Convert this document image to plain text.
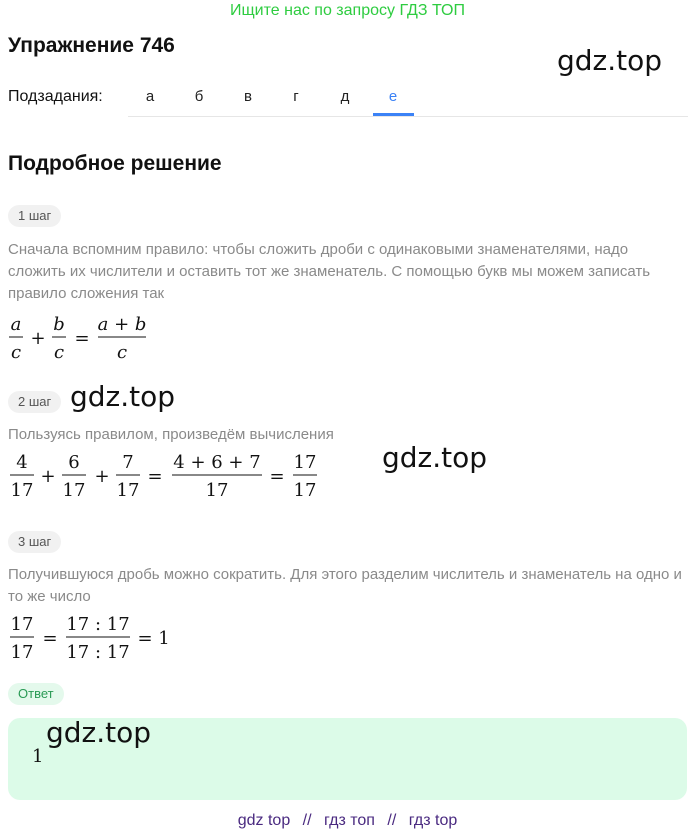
Ищите нас по запросу ГДЗ ТОП
Упражнение 746	gdz.top
Подзадания:	а	б	в	г	д	е
Подробное решение
1 шаг
Сначала вспомним правило: чтобы сложить дроби с одинаковыми знаменателями, надо сложить их числители и оставить тот же знаменатель. С помощью букв мы можем записать правило сложения так
a
c
+
b
c
=
a + b
c
2 шаг gdz.top
Пользуясь правилом, произведём вычисления
4
17
+
6
17
+
7
17
=
4 + 6 + 7
17
=
17
17
gdz.top
3 шаг
Получившуюся дробь можно сократить. Для этого разделим числитель и знаменатель на одно и то же число
17
17
=
17 : 17
17 : 17
= 1
Ответ
1
gdz.top
gdz top // гдз топ // гдз top
